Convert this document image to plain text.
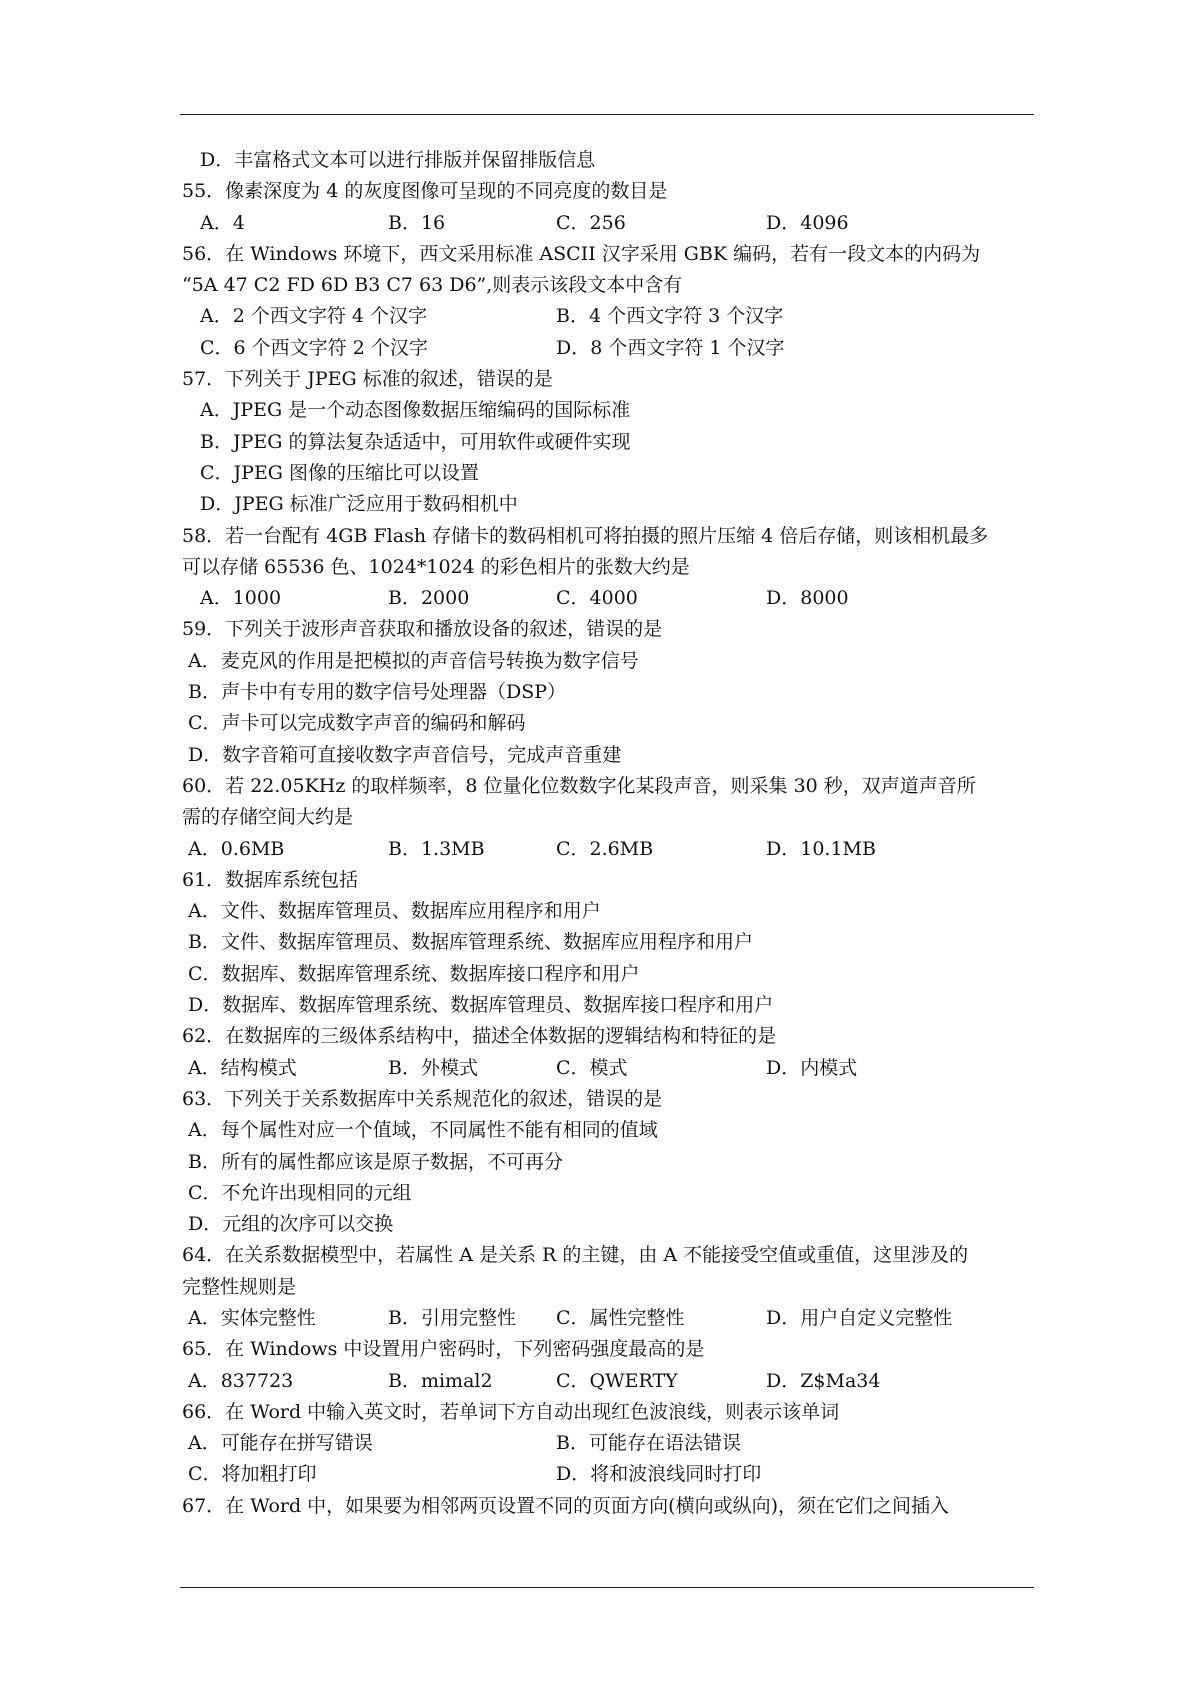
D．丰富格式文本可以进行排版并保留排版信息
55．像素深度为 4 的灰度图像可呈现的不同亮度的数目是
A．4	B．16	C．256	D．4096
56．在 Windows 环境下，西文采用标准 ASCII 汉字采用 GBK 编码，若有一段文本的内码为
“5A 47 C2 FD 6D B3 C7 63 D6”,则表示该段文本中含有
A．2 个西文字符 4 个汉字	B．4 个西文字符 3 个汉字
C．6 个西文字符 2 个汉字	D．8 个西文字符 1 个汉字
57．下列关于 JPEG 标准的叙述，错误的是
A．JPEG 是一个动态图像数据压缩编码的国际标准
B．JPEG 的算法复杂适适中，可用软件或硬件实现
C．JPEG 图像的压缩比可以设置
D．JPEG 标准广泛应用于数码相机中
58．若一台配有 4GB Flash 存储卡的数码相机可将拍摄的照片压缩 4 倍后存储，则该相机最多
可以存储 65536 色、1024*1024 的彩色相片的张数大约是
A．1000	B．2000	C．4000	D．8000
59．下列关于波形声音获取和播放设备的叙述，错误的是
A．麦克风的作用是把模拟的声音信号转换为数字信号
B．声卡中有专用的数字信号处理器（DSP）
C．声卡可以完成数字声音的编码和解码
D．数字音箱可直接收数字声音信号，完成声音重建
60．若 22.05KHz 的取样频率，8 位量化位数数字化某段声音，则采集 30 秒，双声道声音所
需的存储空间大约是
A．0.6MB	B．1.3MB	C．2.6MB	D．10.1MB
61．数据库系统包括
A．文件、数据库管理员、数据库应用程序和用户
B．文件、数据库管理员、数据库管理系统、数据库应用程序和用户
C．数据库、数据库管理系统、数据库接口程序和用户
D．数据库、数据库管理系统、数据库管理员、数据库接口程序和用户
62．在数据库的三级体系结构中，描述全体数据的逻辑结构和特征的是
A．结构模式	B．外模式	C．模式	D．内模式
63．下列关于关系数据库中关系规范化的叙述，错误的是
A．每个属性对应一个值域，不同属性不能有相同的值域
B．所有的属性都应该是原子数据，不可再分
C．不允许出现相同的元组
D．元组的次序可以交换
64．在关系数据模型中，若属性 A 是关系 R 的主键，由 A 不能接受空值或重值，这里涉及的
完整性规则是
A．实体完整性	B．引用完整性 C．属性完整性	D．用户自定义完整性
65．在 Windows 中设置用户密码时，下列密码强度最高的是
A．837723	B．mimal2	C．QWERTY	D．Z$Ma34
66．在 Word 中输入英文时，若单词下方自动出现红色波浪线，则表示该单词
A．可能存在拼写错误	B．可能存在语法错误
C．将加粗打印	D．将和波浪线同时打印
67．在 Word 中，如果要为相邻两页设置不同的页面方向(横向或纵向)，须在它们之间插入
